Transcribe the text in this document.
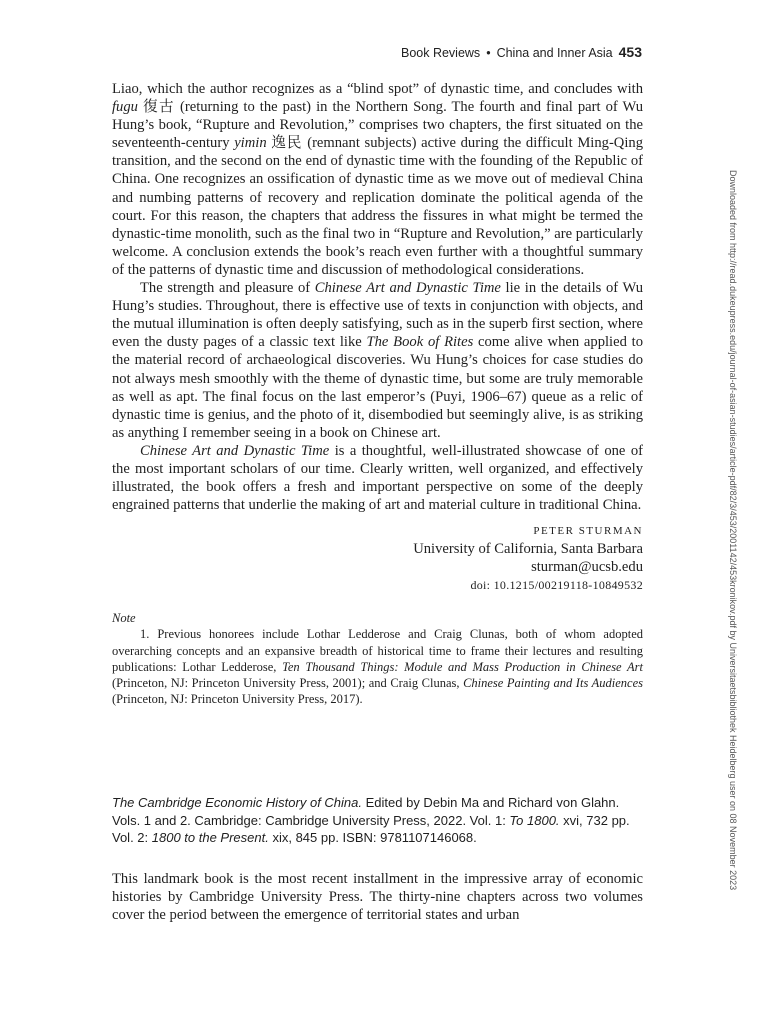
Book Reviews • China and Inner Asia 453

Liao, which the author recognizes as a “blind spot” of dynastic time, and concludes with fugu 復古 (returning to the past) in the Northern Song. The fourth and final part of Wu Hung’s book, “Rupture and Revolution,” comprises two chapters, the first situated on the seventeenth-century yimin 逸民 (remnant subjects) active during the difficult Ming-Qing transition, and the second on the end of dynastic time with the founding of the Republic of China. One recognizes an ossification of dynastic time as we move out of medieval China and numbing patterns of recovery and replication dominate the political agenda of the court. For this reason, the chapters that address the fissures in what might be termed the dynastic-time monolith, such as the final two in “Rupture and Revolution,” are particularly welcome. A conclusion extends the book’s reach even further with a thoughtful summary of the patterns of dynastic time and discussion of methodological considerations.

The strength and pleasure of Chinese Art and Dynastic Time lie in the details of Wu Hung’s studies. Throughout, there is effective use of texts in conjunction with objects, and the mutual illumination is often deeply satisfying, such as in the superb first section, where even the dusty pages of a classic text like The Book of Rites come alive when applied to the material record of archaeological discoveries. Wu Hung’s choices for case studies do not always mesh smoothly with the theme of dynastic time, but some are truly memorable as well as apt. The final focus on the last emperor’s (Puyi, 1906–67) queue as a relic of dynastic time is genius, and the photo of it, disembodied but seemingly alive, is as striking as anything I remember seeing in a book on Chinese art.

Chinese Art and Dynastic Time is a thoughtful, well-illustrated showcase of one of the most important scholars of our time. Clearly written, well organized, and effectively illustrated, the book offers a fresh and important perspective on some of the deeply engrained patterns that underlie the making of art and material culture in traditional China.

PETER STURMAN
University of California, Santa Barbara
sturman@ucsb.edu
doi: 10.1215/00219118-10849532
Note
1. Previous honorees include Lothar Ledderose and Craig Clunas, both of whom adopted overarching concepts and an expansive breadth of historical time to frame their lectures and resulting publications: Lothar Ledderose, Ten Thousand Things: Module and Mass Production in Chinese Art (Princeton, NJ: Princeton University Press, 2001); and Craig Clunas, Chinese Painting and Its Audiences (Princeton, NJ: Princeton University Press, 2017).
The Cambridge Economic History of China. Edited by Debin Ma and Richard von Glahn. Vols. 1 and 2. Cambridge: Cambridge University Press, 2022. Vol. 1: To 1800. xvi, 732 pp. Vol. 2: 1800 to the Present. xix, 845 pp. ISBN: 9781107146068.

This landmark book is the most recent installment in the impressive array of economic histories by Cambridge University Press. The thirty-nine chapters across two volumes cover the period between the emergence of territorial states and urban

Downloaded from http://read.dukeupress.edu/journal-of-asian-studies/article-pdf/82/3/453/2001142/453kronikov.pdf by Universitaetsbibliothek Heidelberg user on 08 November 2023
